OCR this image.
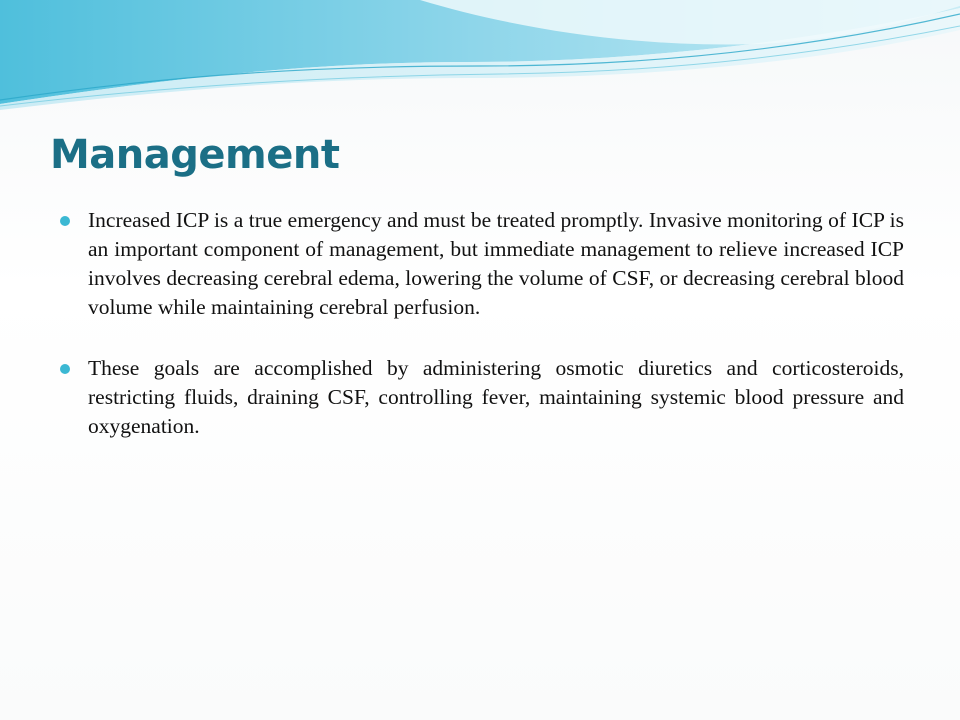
Management
Increased ICP is a true emergency and must be treated promptly. Invasive monitoring of ICP is an important component of management, but immediate management to relieve increased ICP involves decreasing cerebral edema, lowering the volume of CSF, or decreasing cerebral blood volume while maintaining cerebral perfusion.
These goals are accomplished by administering osmotic diuretics and corticosteroids, restricting fluids, draining CSF, controlling fever, maintaining systemic blood pressure and oxygenation.
